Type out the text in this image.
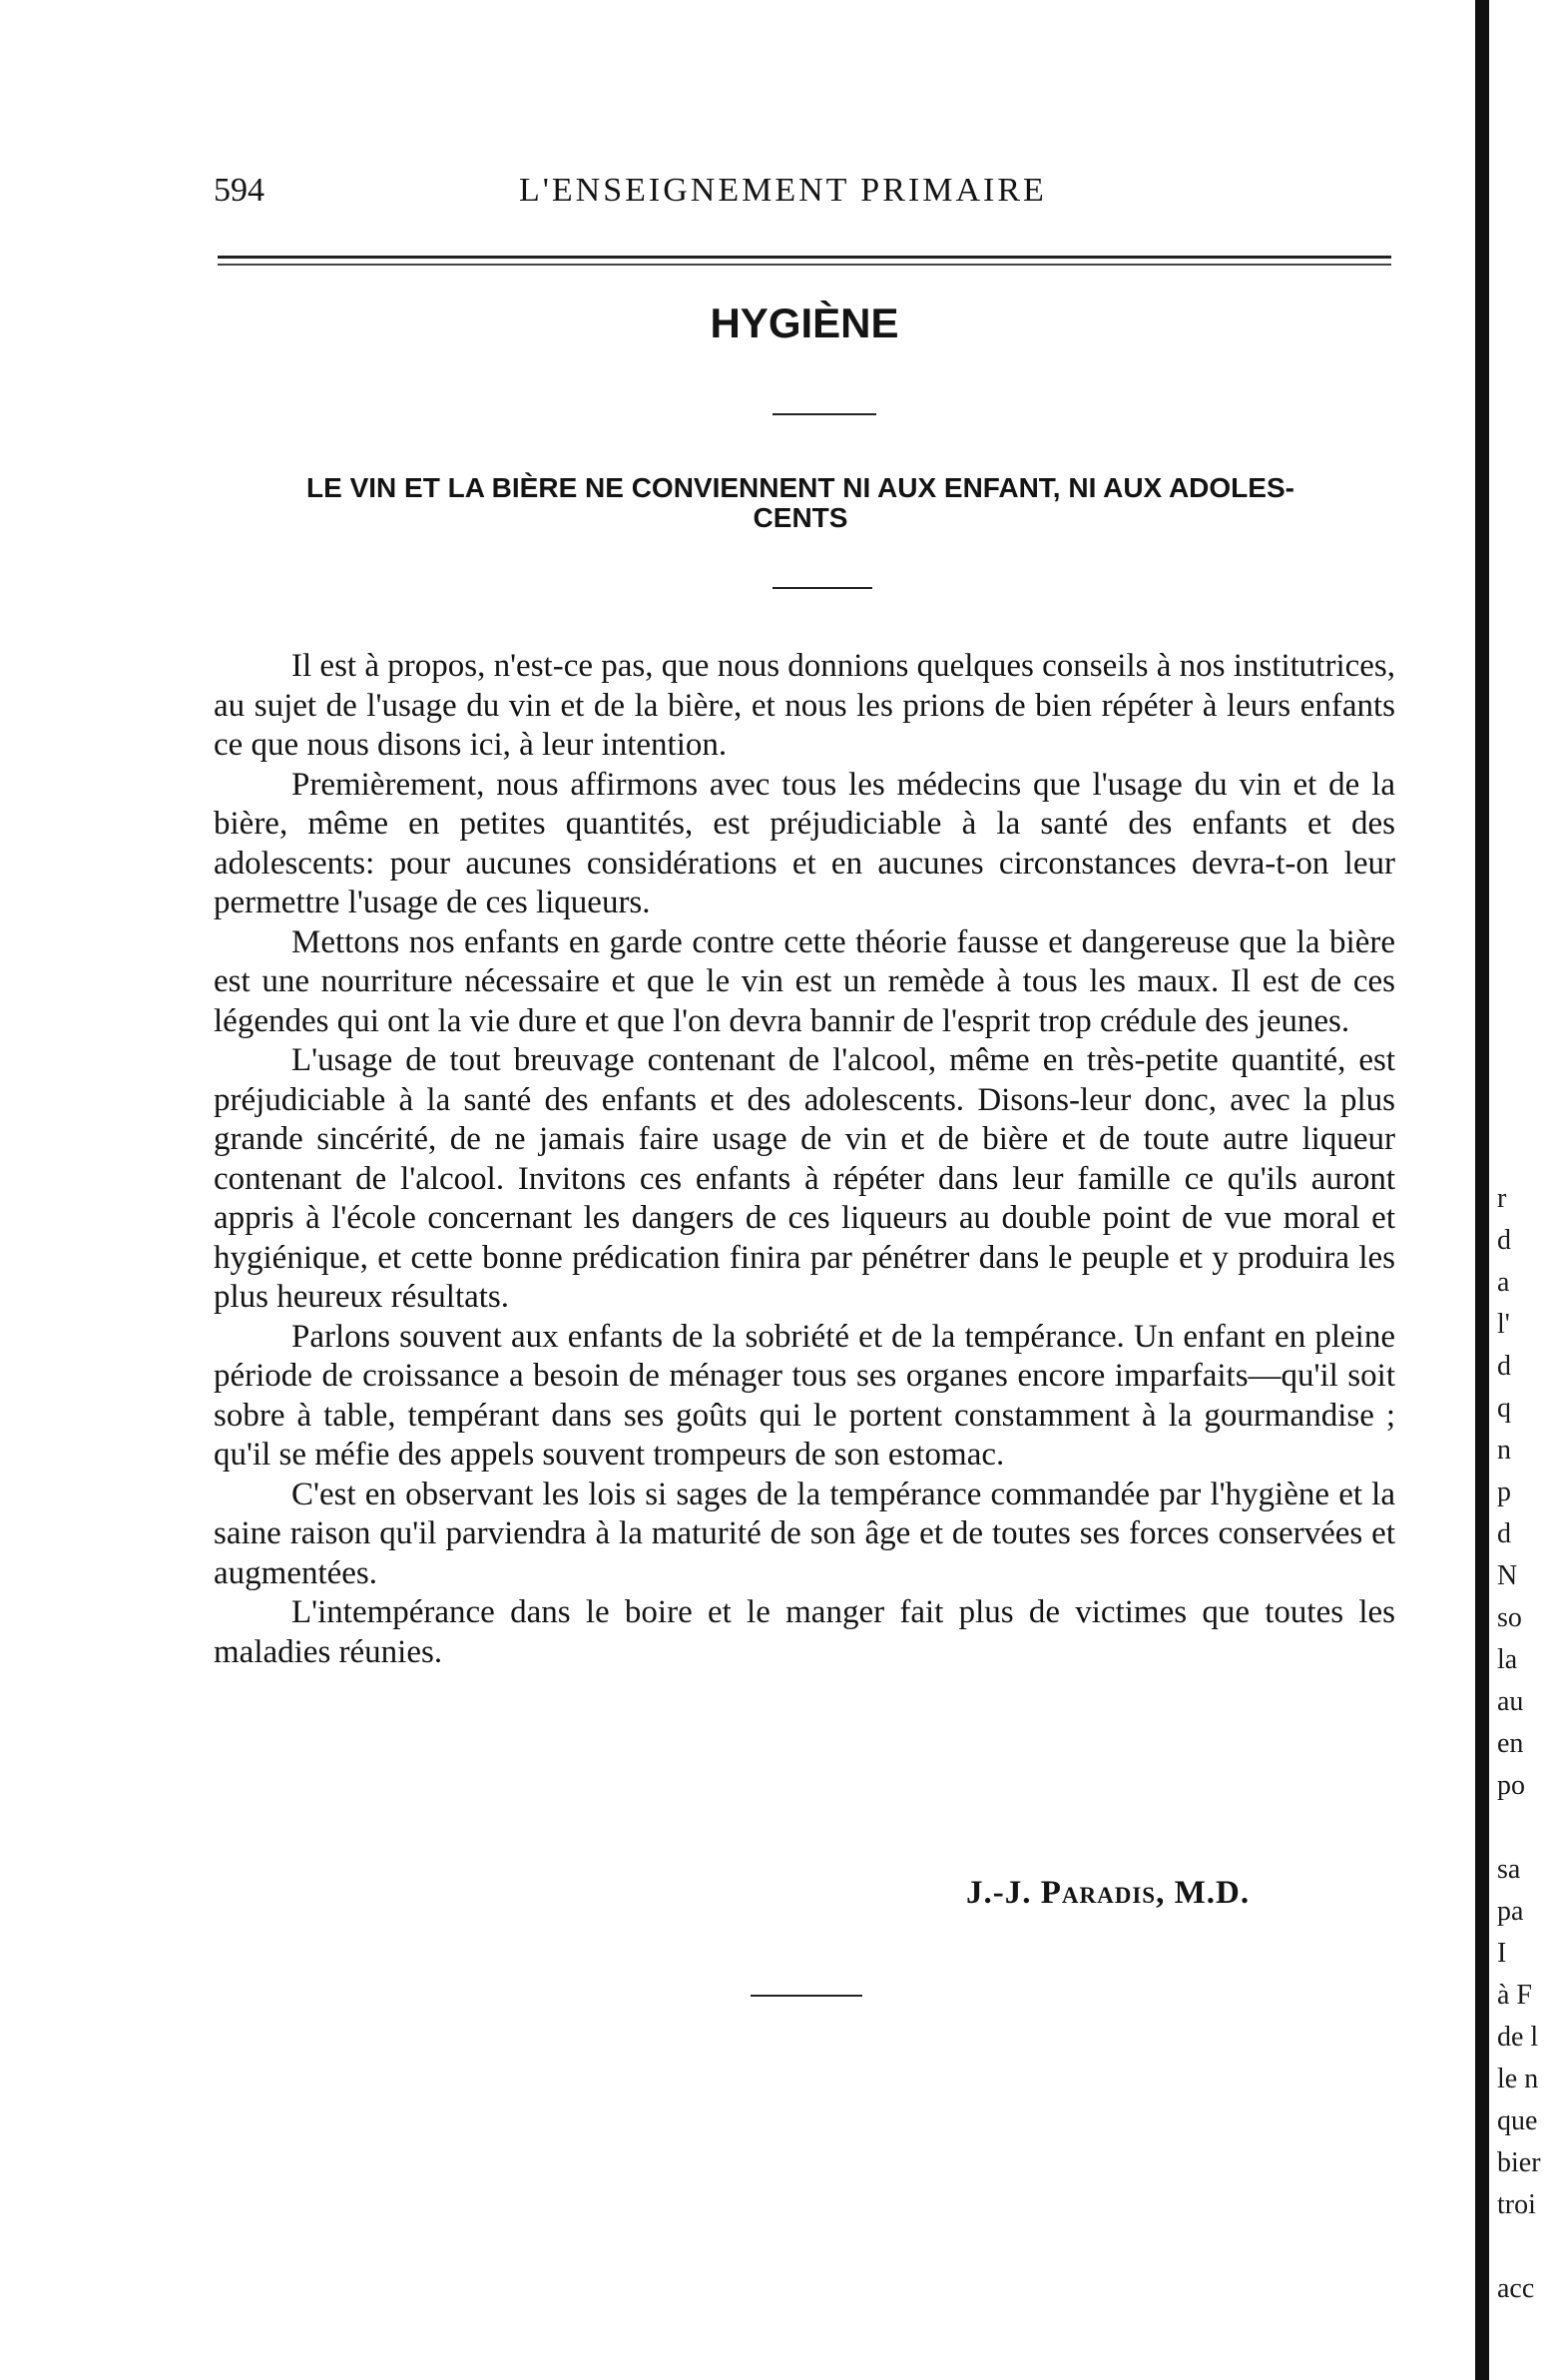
r
d
a
l'
d
q
n
p
d
N
so
la
au
en
po
sa
pa
I
à F
de l
le n
que
bier
troi
acc
594	L'ENSEIGNEMENT PRIMAIRE
HYGIÈNE
LE VIN ET LA BIÈRE NE CONVIENNENT NI AUX ENFANT, NI AUX ADOLES-
CENTS

Il est à propos, n'est-ce pas, que nous donnions quelques conseils à nos institutrices, au sujet de l'usage du vin et de la bière, et nous les prions de bien répéter à leurs enfants ce que nous disons ici, à leur intention.

Premièrement, nous affirmons avec tous les médecins que l'usage du vin et de la bière, même en petites quantités, est préjudiciable à la santé des enfants et des adolescents: pour aucunes considérations et en aucunes circonstances devra-t-on leur permettre l'usage de ces liqueurs.

Mettons nos enfants en garde contre cette théorie fausse et dangereuse que la bière est une nourriture nécessaire et que le vin est un remède à tous les maux. Il est de ces légendes qui ont la vie dure et que l'on devra bannir de l'esprit trop crédule des jeunes.

L'usage de tout breuvage contenant de l'alcool, même en très-petite quantité, est préjudiciable à la santé des enfants et des adolescents. Disons-leur donc, avec la plus grande sincérité, de ne jamais faire usage de vin et de bière et de toute autre liqueur contenant de l'alcool. Invitons ces enfants à répéter dans leur famille ce qu'ils auront appris à l'école concernant les dangers de ces liqueurs au double point de vue moral et hygiénique, et cette bonne prédication finira par pénétrer dans le peuple et y produira les plus heureux résultats.

Parlons souvent aux enfants de la sobriété et de la tempérance. Un enfant en pleine période de croissance a besoin de ménager tous ses organes encore imparfaits—qu'il soit sobre à table, tempérant dans ses goûts qui le portent constamment à la gourmandise ; qu'il se méfie des appels souvent trompeurs de son estomac.

C'est en observant les lois si sages de la tempérance commandée par l'hygiène et la saine raison qu'il parviendra à la maturité de son âge et de toutes ses forces conservées et augmentées.

L'intempérance dans le boire et le manger fait plus de victimes que toutes les maladies réunies.

J.-J. Paradis, M.D.
